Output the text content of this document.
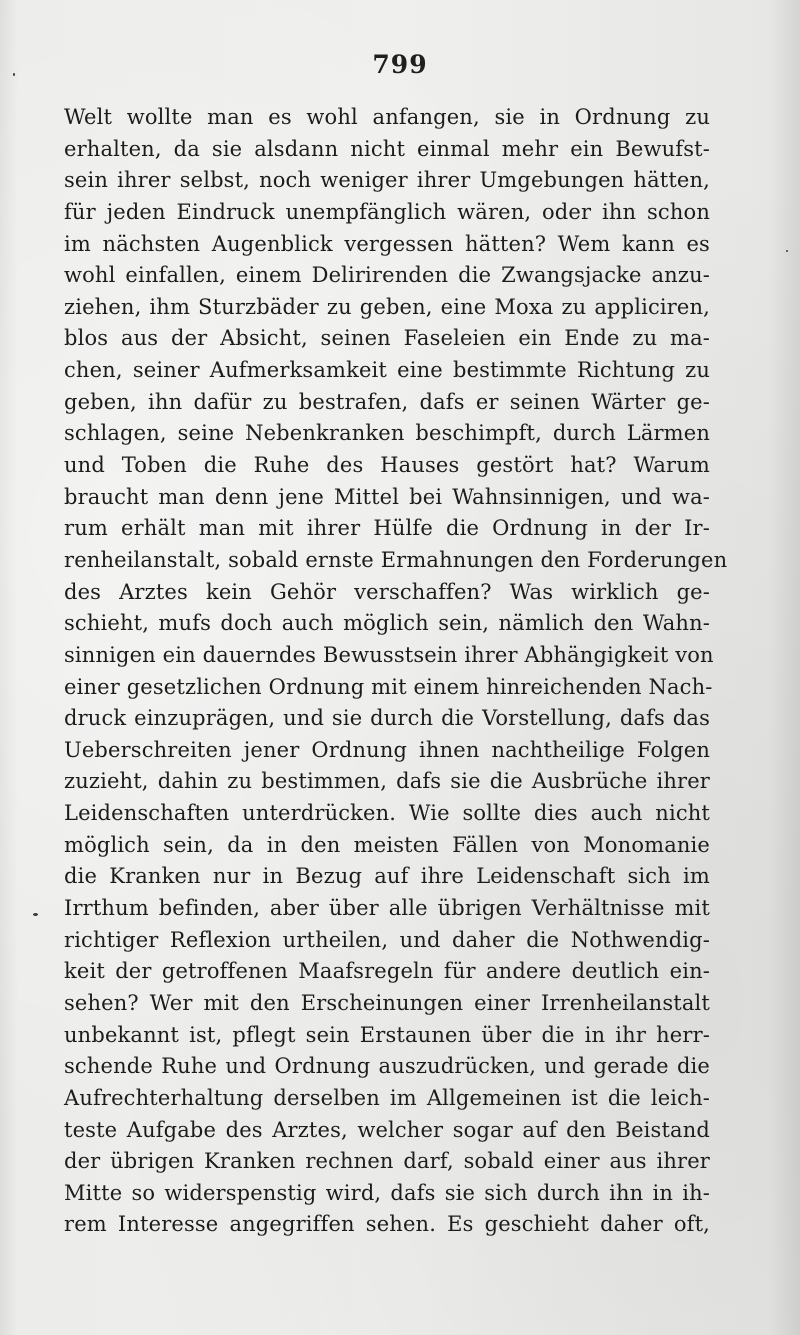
799
Welt wollte man es wohl anfangen, sie in Ordnung zu
erhalten, da sie alsdann nicht einmal mehr ein Bewufst-
sein ihrer selbst, noch weniger ihrer Umgebungen hätten,
für jeden Eindruck unempfänglich wären, oder ihn schon
im nächsten Augenblick vergessen hätten? Wem kann es
wohl einfallen, einem Delirirenden die Zwangsjacke anzu-
ziehen, ihm Sturzbäder zu geben, eine Moxa zu appliciren,
blos aus der Absicht, seinen Faseleien ein Ende zu ma-
chen, seiner Aufmerksamkeit eine bestimmte Richtung zu
geben, ihn dafür zu bestrafen, dafs er seinen Wärter ge-
schlagen, seine Nebenkranken beschimpft, durch Lärmen
und Toben die Ruhe des Hauses gestört hat? Warum
braucht man denn jene Mittel bei Wahnsinnigen, und wa-
rum erhält man mit ihrer Hülfe die Ordnung in der Ir-
renheilanstalt, sobald ernste Ermahnungen den Forderungen
des Arztes kein Gehör verschaffen? Was wirklich ge-
schieht, mufs doch auch möglich sein, nämlich den Wahn-
sinnigen ein dauerndes Bewusstsein ihrer Abhängigkeit von
einer gesetzlichen Ordnung mit einem hinreichenden Nach-
druck einzuprägen, und sie durch die Vorstellung, dafs das
Ueberschreiten jener Ordnung ihnen nachtheilige Folgen
zuzieht, dahin zu bestimmen, dafs sie die Ausbrüche ihrer
Leidenschaften unterdrücken. Wie sollte dies auch nicht
möglich sein, da in den meisten Fällen von Monomanie
die Kranken nur in Bezug auf ihre Leidenschaft sich im
Irrthum befinden, aber über alle übrigen Verhältnisse mit
richtiger Reflexion urtheilen, und daher die Nothwendig-
keit der getroffenen Maafsregeln für andere deutlich ein-
sehen? Wer mit den Erscheinungen einer Irrenheilanstalt
unbekannt ist, pflegt sein Erstaunen über die in ihr herr-
schende Ruhe und Ordnung auszudrücken, und gerade die
Aufrechterhaltung derselben im Allgemeinen ist die leich-
teste Aufgabe des Arztes, welcher sogar auf den Beistand
der übrigen Kranken rechnen darf, sobald einer aus ihrer
Mitte so widerspenstig wird, dafs sie sich durch ihn in ih-
rem Interesse angegriffen sehen. Es geschieht daher oft,
